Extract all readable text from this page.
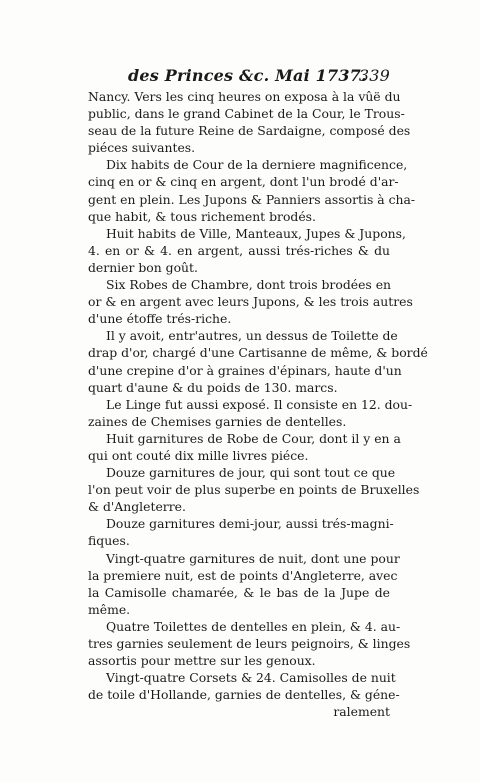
des Princes &c. Mai 1737.
339
Nancy. Vers les cinq heures on exposa à la vûë du
public, dans le grand Cabinet de la Cour, le Trous-
seau de la future Reine de Sardaigne, composé des
piéces suivantes.
Dix habits de Cour de la derniere magnificence,
cinq en or & cinq en argent, dont l'un brodé d'ar-
gent en plein. Les Jupons & Panniers assortis à cha-
que habit, & tous richement brodés.
Huit habits de Ville, Manteaux, Jupes & Jupons,
4. en or & 4. en argent, aussi trés-riches & du
dernier bon goût.
Six Robes de Chambre, dont trois brodées en
or & en argent avec leurs Jupons, & les trois autres
d'une étoffe trés-riche.
Il y avoit, entr'autres, un dessus de Toilette de
drap d'or, chargé d'une Cartisanne de même, & bordé
d'une crepine d'or à graines d'épinars, haute d'un
quart d'aune & du poids de 130. marcs.
Le Linge fut aussi exposé. Il consiste en 12. dou-
zaines de Chemises garnies de dentelles.
Huit garnitures de Robe de Cour, dont il y en a
qui ont couté dix mille livres piéce.
Douze garnitures de jour, qui sont tout ce que
l'on peut voir de plus superbe en points de Bruxelles
& d'Angleterre.
Douze garnitures demi-jour, aussi trés-magni-
fiques.
Vingt-quatre garnitures de nuit, dont une pour
la premiere nuit, est de points d'Angleterre, avec
la Camisolle chamarée, & le bas de la Jupe de
même.
Quatre Toilettes de dentelles en plein, & 4. au-
tres garnies seulement de leurs peignoirs, & linges
assortis pour mettre sur les genoux.
Vingt-quatre Corsets & 24. Camisolles de nuit
de toile d'Hollande, garnies de dentelles, & géne-
ralement
